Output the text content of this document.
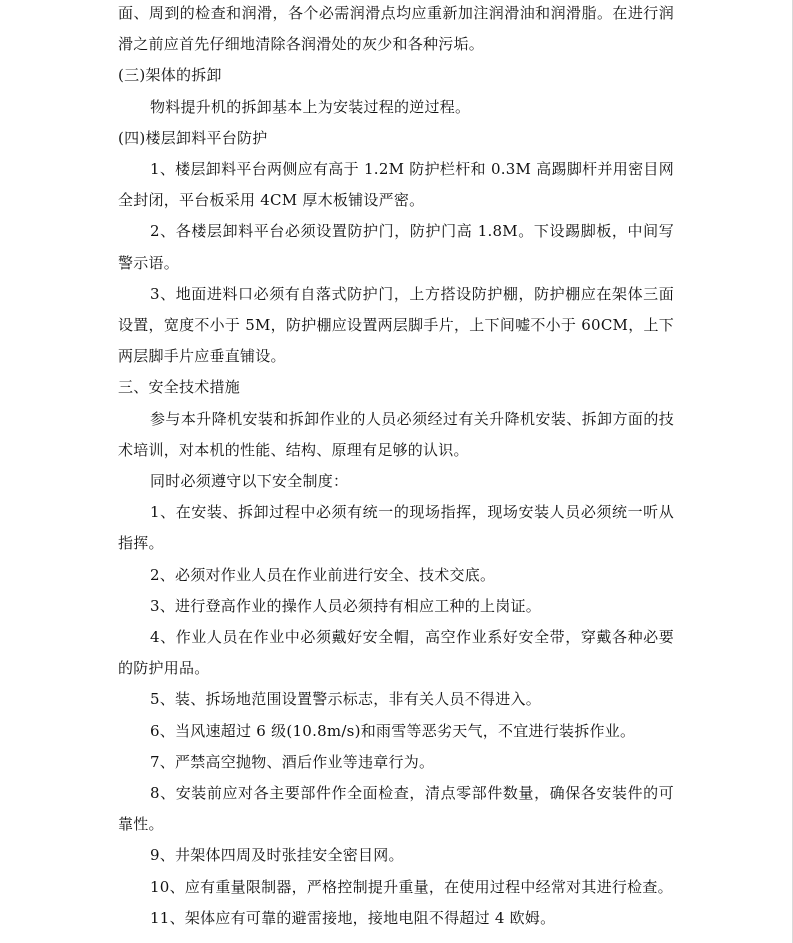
面、周到的检查和润滑，各个必需润滑点均应重新加注润滑油和润滑脂。在进行润滑之前应首先仔细地清除各润滑处的灰少和各种污垢。

(三)架体的拆卸

物料提升机的拆卸基本上为安装过程的逆过程。

(四)楼层卸料平台防护

1、楼层卸料平台两侧应有高于 1.2M 防护栏杆和 0.3M 高踢脚杆并用密目网全封闭，平台板采用 4CM 厚木板铺设严密。

2、各楼层卸料平台必须设置防护门，防护门高 1.8M。下设踢脚板，中间写警示语。

3、地面进料口必须有自落式防护门，上方搭设防护棚，防护棚应在架体三面设置，宽度不小于 5M，防护棚应设置两层脚手片，上下间嘘不小于 60CM，上下两层脚手片应垂直铺设。

三、安全技术措施

参与本升降机安装和拆卸作业的人员必须经过有关升降机安装、拆卸方面的技术培训，对本机的性能、结构、原理有足够的认识。

同时必须遵守以下安全制度：

1、在安装、拆卸过程中必须有统一的现场指挥，现场安装人员必须统一听从指挥。

2、必须对作业人员在作业前进行安全、技术交底。

3、进行登高作业的操作人员必须持有相应工种的上岗证。

4、作业人员在作业中必须戴好安全帽，高空作业系好安全带，穿戴各种必要的防护用品。

5、装、拆场地范围设置警示标志，非有关人员不得进入。

6、当风速超过 6 级(10.8m/s)和雨雪等恶劣天气，不宜进行装拆作业。

7、严禁高空抛物、酒后作业等违章行为。

8、安装前应对各主要部件作全面检查，清点零部件数量，确保各安装件的可靠性。

9、井架体四周及时张挂安全密目网。

10、应有重量限制器，严格控制提升重量，在使用过程中经常对其进行检查。

11、架体应有可靠的避雷接地，接地电阻不得超过 4 欧姆。
